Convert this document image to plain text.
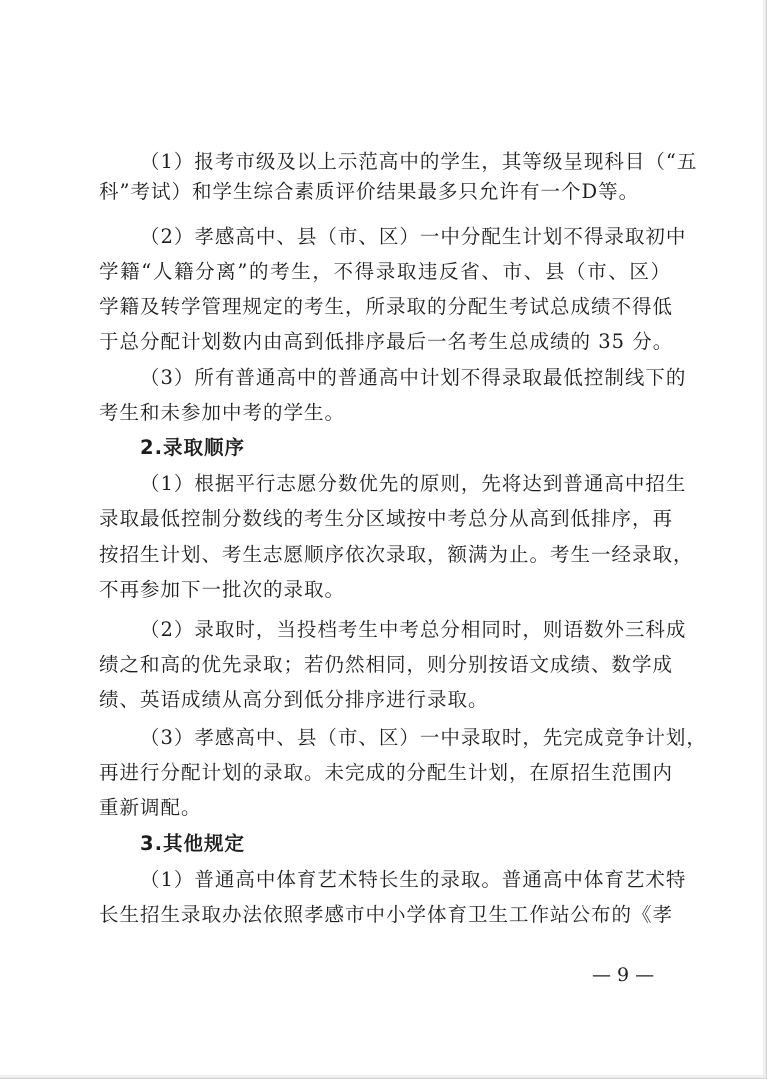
（1）报考市级及以上示范高中的学生，其等级呈现科目（“五

科”考试）和学生综合素质评价结果最多只允许有一个D等。

（2）孝感高中、县（市、区）一中分配生计划不得录取初中

学籍“人籍分离”的考生，不得录取违反省、市、县（市、区）

学籍及转学管理规定的考生，所录取的分配生考试总成绩不得低

于总分配计划数内由高到低排序最后一名考生总成绩的 35 分。

（3）所有普通高中的普通高中计划不得录取最低控制线下的

考生和未参加中考的学生。

2.录取顺序

（1）根据平行志愿分数优先的原则，先将达到普通高中招生

录取最低控制分数线的考生分区域按中考总分从高到低排序，再

按招生计划、考生志愿顺序依次录取，额满为止。考生一经录取，

不再参加下一批次的录取。

（2）录取时，当投档考生中考总分相同时，则语数外三科成

绩之和高的优先录取；若仍然相同，则分别按语文成绩、数学成

绩、英语成绩从高分到低分排序进行录取。

（3）孝感高中、县（市、区）一中录取时，先完成竞争计划，

再进行分配计划的录取。未完成的分配生计划，在原招生范围内

重新调配。

3.其他规定

（1）普通高中体育艺术特长生的录取。普通高中体育艺术特

长生招生录取办法依照孝感市中小学体育卫生工作站公布的《孝

— 9 —
